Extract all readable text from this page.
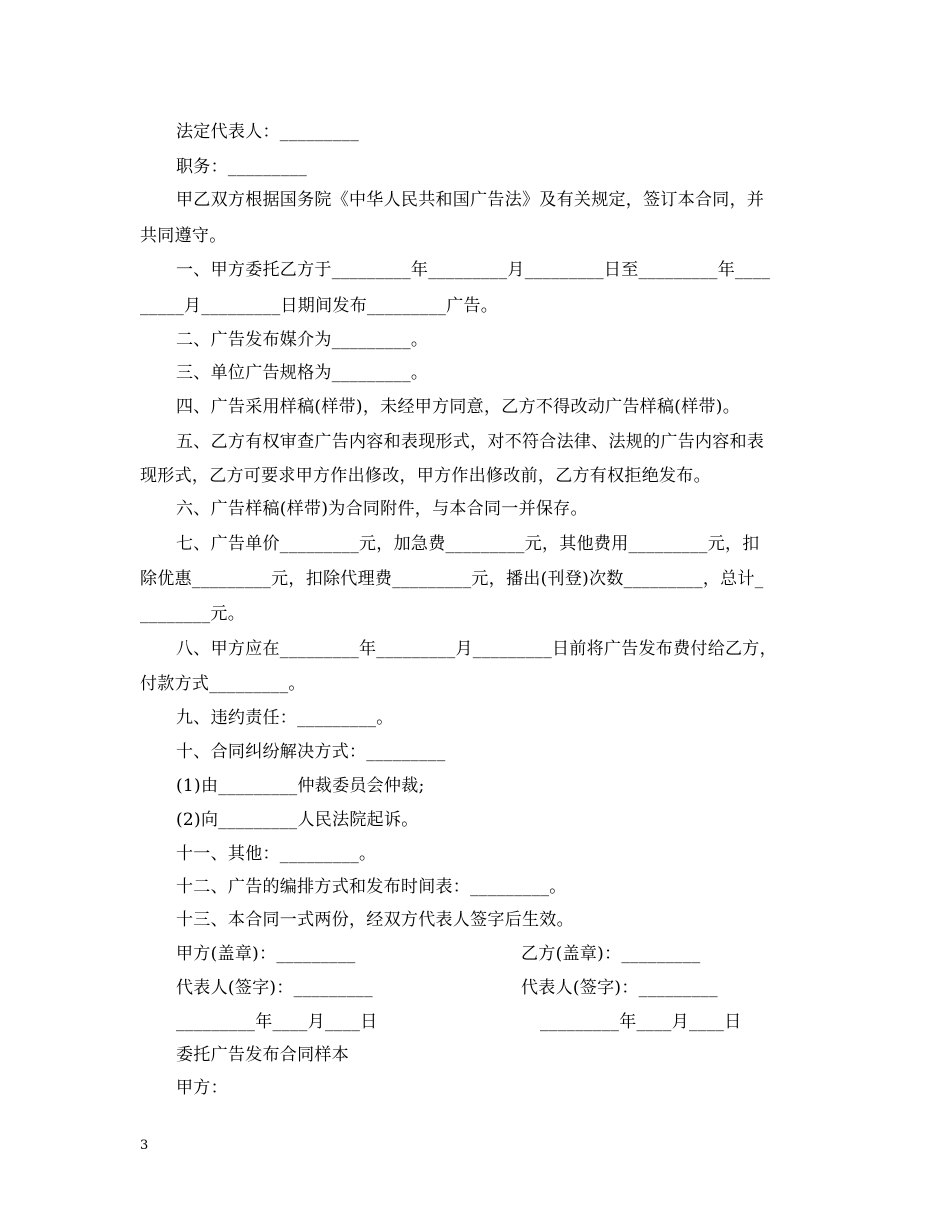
法定代表人：_________
职务：_________
甲乙双方根据国务院《中华人民共和国广告法》及有关规定，签订本合同，并
共同遵守。
一、甲方委托乙方于_________年_________月_________日至_________年____
_____月_________日期间发布_________广告。
二、广告发布媒介为_________。
三、单位广告规格为_________。
四、广告采用样稿(样带)，未经甲方同意，乙方不得改动广告样稿(样带)。
五、乙方有权审查广告内容和表现形式，对不符合法律、法规的广告内容和表
现形式，乙方可要求甲方作出修改，甲方作出修改前，乙方有权拒绝发布。
六、广告样稿(样带)为合同附件，与本合同一并保存。
七、广告单价_________元，加急费_________元，其他费用_________元，扣
除优惠_________元，扣除代理费_________元，播出(刊登)次数_________，总计_
________元。
八、甲方应在_________年_________月_________日前将广告发布费付给乙方，
付款方式_________。
九、违约责任：_________。
十、合同纠纷解决方式：_________
(1)由_________仲裁委员会仲裁;
(2)向_________人民法院起诉。
十一、其他：_________。
十二、广告的编排方式和发布时间表：_________。
十三、本合同一式两份，经双方代表人签字后生效。
甲方(盖章)：_________	乙方(盖章)：_________
代表人(签字)：_________	代表人(签字)：_________
_________年____月____日	_________年____月____日
委托广告发布合同样本
甲方：
3
